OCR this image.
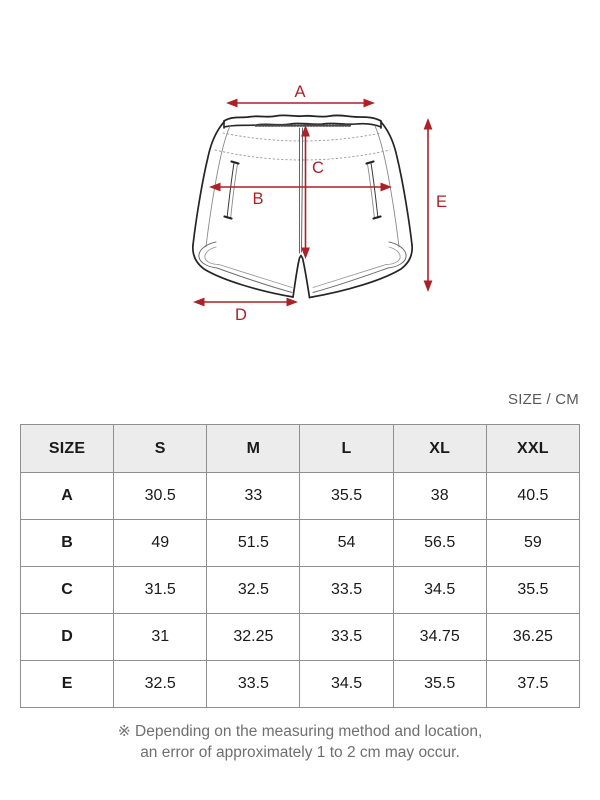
A
B
C
D
E
SIZE / CM
SIZE	S	M	L	XL	XXL
A	30.5	33	35.5	38	40.5
B	49	51.5	54	56.5	59
C	31.5	32.5	33.5	34.5	35.5
D	31	32.25	33.5	34.75	36.25
E	32.5	33.5	34.5	35.5	37.5
※ Depending on the measuring method and location,
an error of approximately 1 to 2 cm may occur.
